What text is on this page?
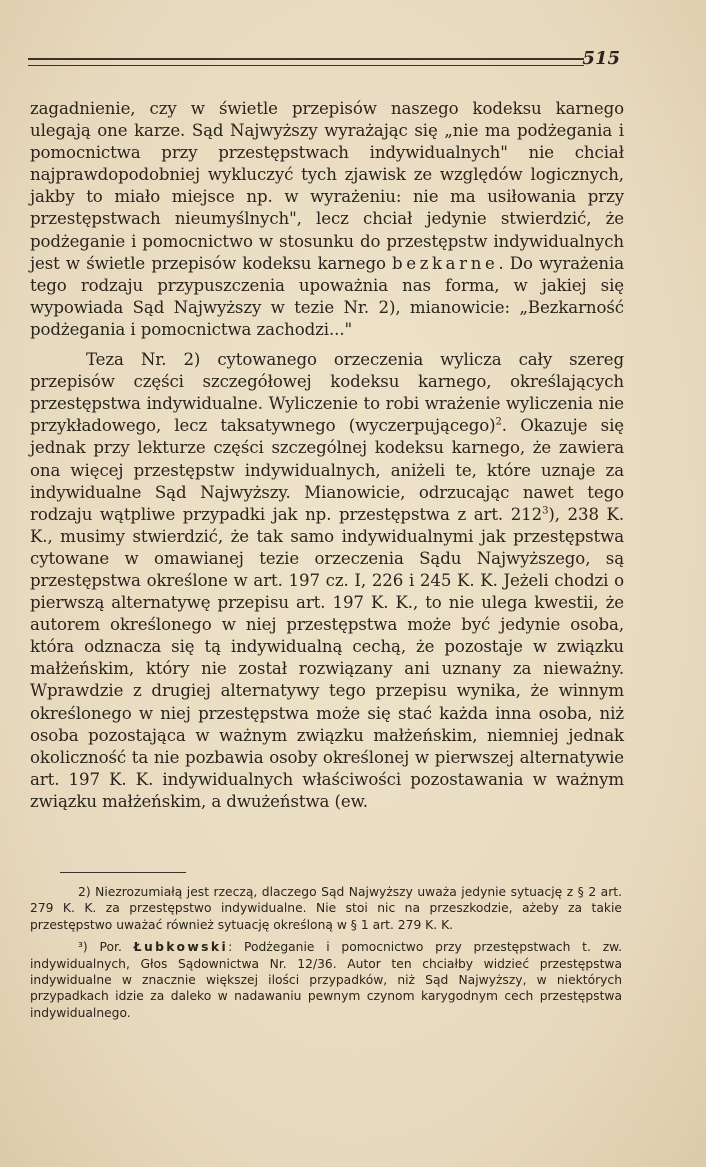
515

zagadnienie, czy w świetle przepisów naszego kodeksu karnego ulegają one karze. Sąd Najwyższy wyrażając się „nie ma podżegania i pomocnictwa przy przestępstwach indywidualnych" nie chciał najprawdopodobniej wykluczyć tych zjawisk ze względów logicznych, jakby to miało miejsce np. w wyrażeniu: nie ma usiłowania przy przestępstwach nieumyślnych", lecz chciał jedynie stwierdzić, że podżeganie i pomocnictwo w stosunku do przestępstw indywidualnych jest w świetle przepisów kodeksu karnego bezkarne. Do wyrażenia tego rodzaju przypuszczenia upoważnia nas forma, w jakiej się wypowiada Sąd Najwyższy w tezie Nr. 2), mianowicie: „Bezkarność podżegania i pomocnictwa zachodzi..."

Teza Nr. 2) cytowanego orzeczenia wylicza cały szereg przepisów części szczegółowej kodeksu karnego, określających przestępstwa indywidualne. Wyliczenie to robi wrażenie wyliczenia nie przykładowego, lecz taksatywnego (wyczerpującego)$^2$. Okazuje się jednak przy lekturze części szczególnej kodeksu karnego, że zawiera ona więcej przestępstw indywidualnych, aniżeli te, które uznaje za indywidualne Sąd Najwyższy. Mianowicie, odrzucając nawet tego rodzaju wątpliwe przypadki jak np. przestępstwa z art. $212^3$), 238 K. K., musimy stwierdzić, że tak samo indywidualnymi jak przestępstwa cytowane w omawianej tezie orzeczenia Sądu Najwyższego, są przestępstwa określone w art. 197 cz. I, 226 i 245 K. K. Jeżeli chodzi o pierwszą alternatywę przepisu art. 197 K. K., to nie ulega kwestii, że autorem określonego w niej przestępstwa może być jedynie osoba, która odznacza się tą indywidualną cechą, że pozostaje w związku małżeńskim, który nie został rozwiązany ani uznany za nieważny. Wprawdzie z drugiej alternatywy tego przepisu wynika, że winnym określonego w niej przestępstwa może się stać każda inna osoba, niż osoba pozostająca w ważnym związku małżeńskim, niemniej jednak okoliczność ta nie pozbawia osoby określonej w pierwszej alternatywie art. 197 K. K. indywidualnych właściwości pozostawania w ważnym związku małżeńskim, a dwużeństwa (ew.

2) Niezrozumiałą jest rzeczą, dlaczego Sąd Najwyższy uważa jedynie sytuację z § 2 art. 279 K. K. za przestępstwo indywidualne. Nie stoi nic na przeszkodzie, ażeby za takie przestępstwo uważać również sytuację określoną w § 1 art. 279 K. K.

³) Por. Łubkowski: Podżeganie i pomocnictwo przy przestępstwach t. zw. indywidualnych, Głos Sądownictwa Nr. 12/36. Autor ten chciałby widzieć przestępstwa indywidualne w znacznie większej ilości przypadków, niż Sąd Najwyższy, w niektórych przypadkach idzie za daleko w nadawaniu pewnym czynom karygodnym cech przestępstwa indywidualnego.
